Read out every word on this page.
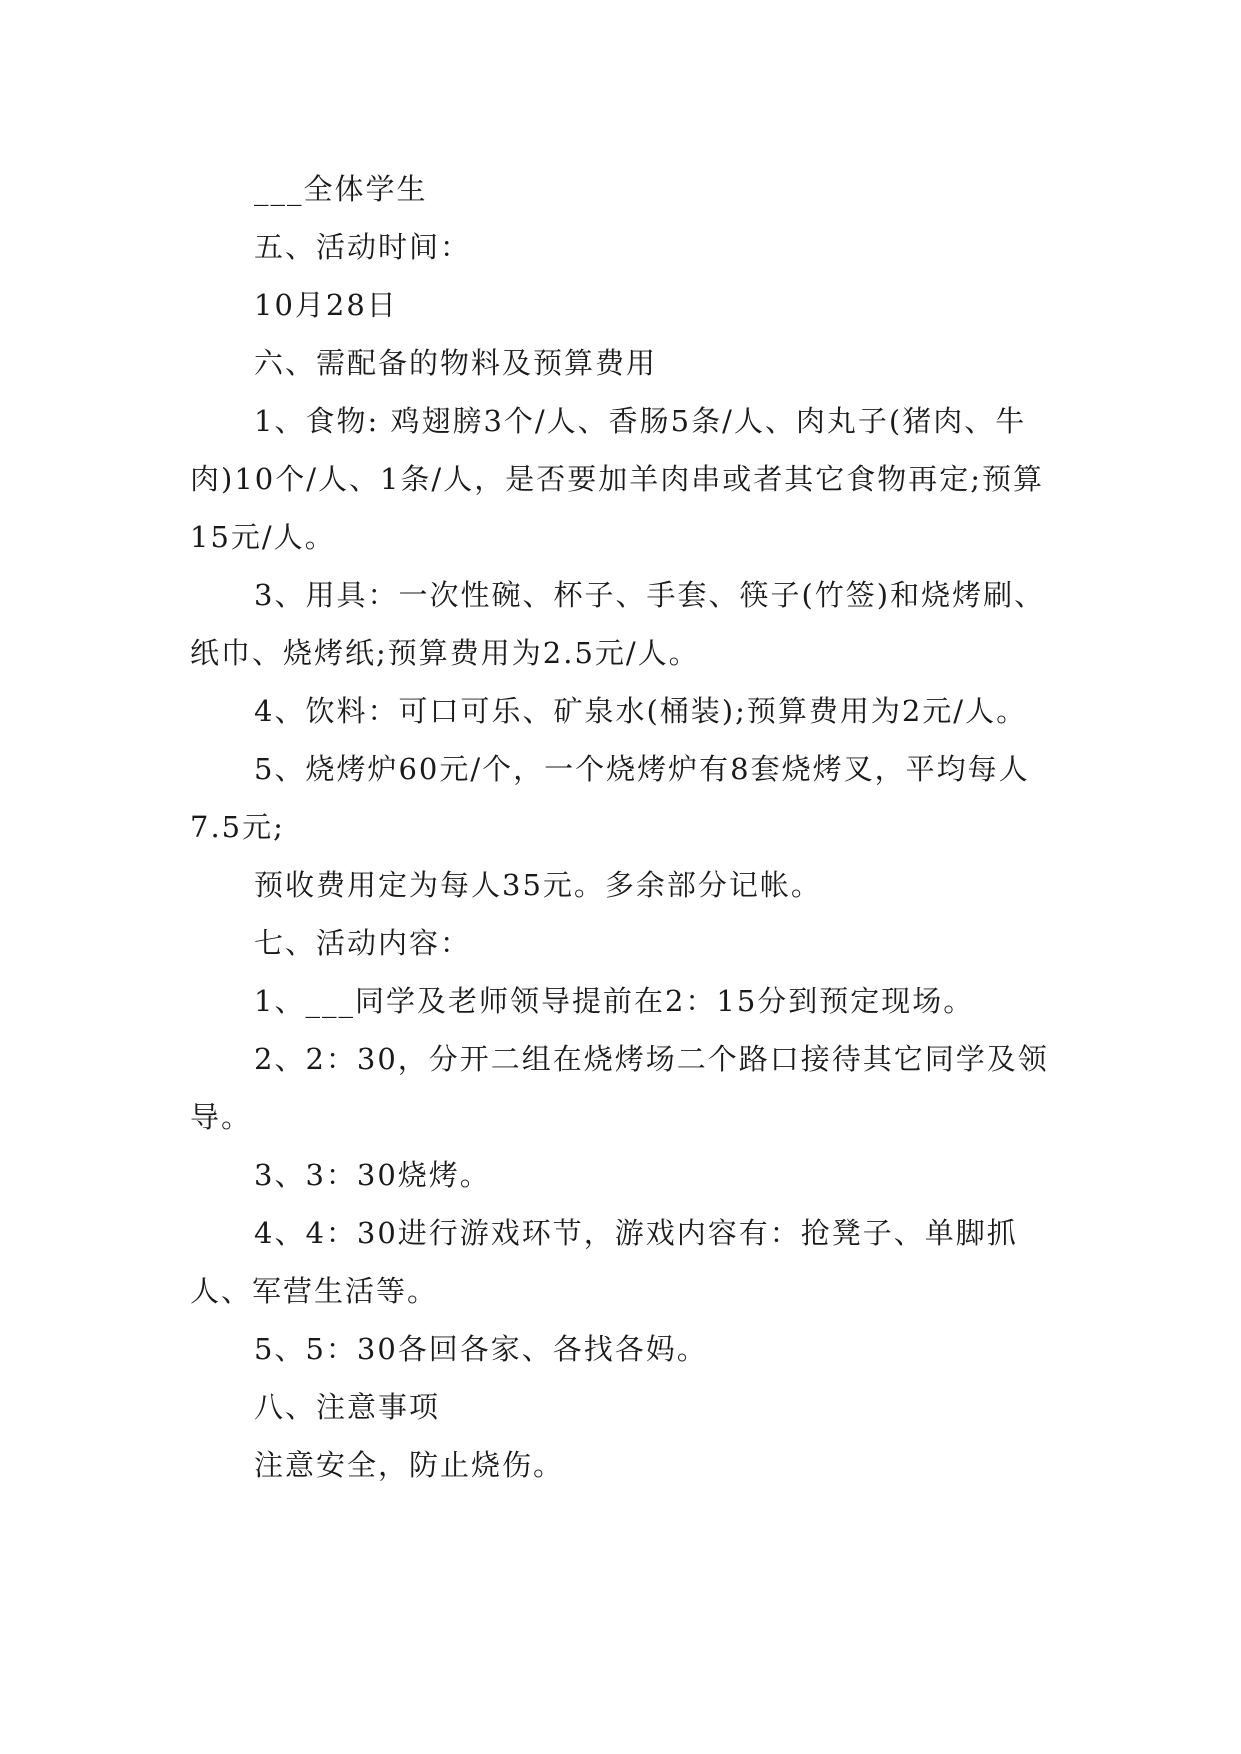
___全体学生

五、活动时间：

10月28日

六、需配备的物料及预算费用

1、食物: 鸡翅膀3个/人、香肠5条/人、肉丸子(猪肉、牛肉)10个/人、1条/人，是否要加羊肉串或者其它食物再定;预算15元/人。

3、用具：一次性碗、杯子、手套、筷子(竹签)和烧烤刷、纸巾、烧烤纸;预算费用为2.5元/人。

4、饮料：可口可乐、矿泉水(桶装);预算费用为2元/人。

5、烧烤炉60元/个，一个烧烤炉有8套烧烤叉，平均每人7.5元;

预收费用定为每人35元。多余部分记帐。

七、活动内容：

1、___同学及老师领导提前在2：15分到预定现场。

2、2：30，分开二组在烧烤场二个路口接待其它同学及领导。

3、3：30烧烤。

4、4：30进行游戏环节，游戏内容有：抢凳子、单脚抓人、军营生活等。

5、5：30各回各家、各找各妈。

八、注意事项

注意安全，防止烧伤。
